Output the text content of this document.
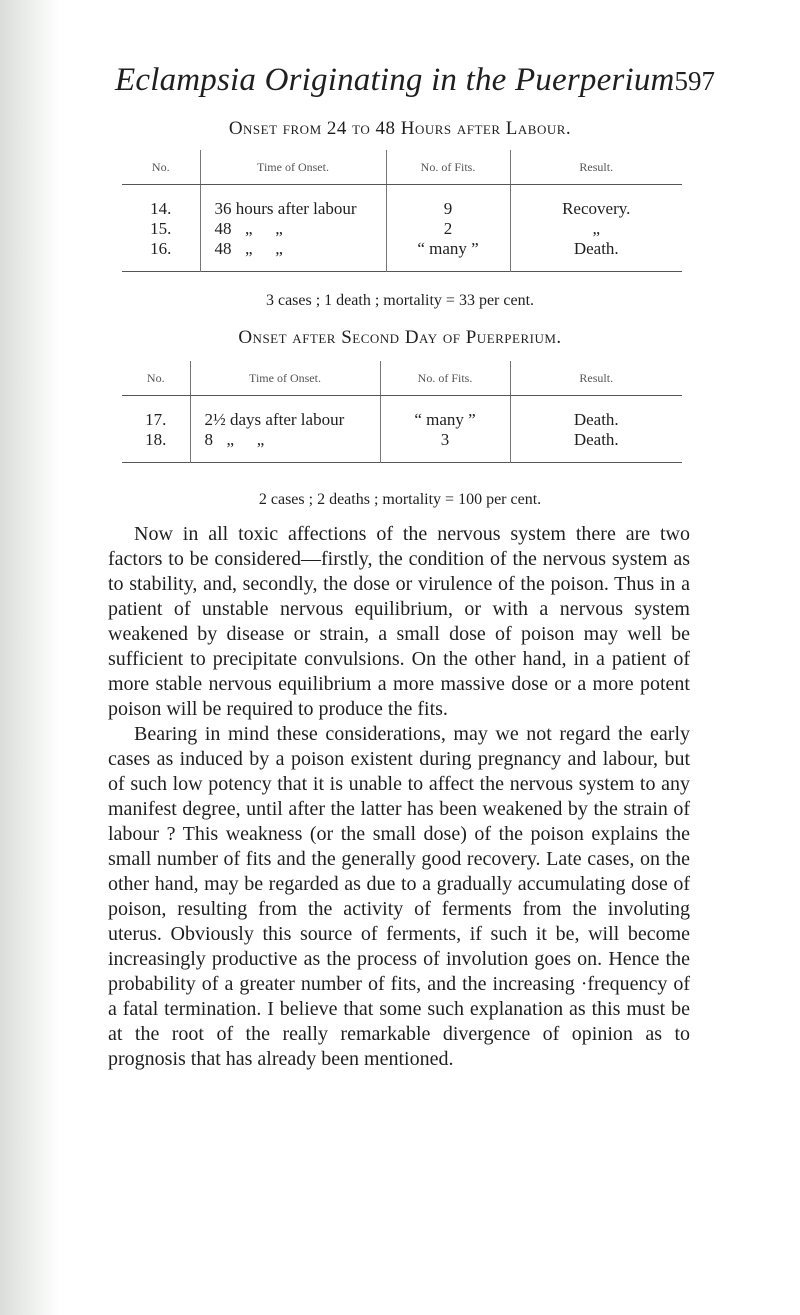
Eclampsia Originating in the Puerperium 597
Onset from 24 to 48 Hours after Labour.
No.	Time of Onset.	No. of Fits.	Result.
14.	36 hours after labour	9	Recovery.
15.	48 „ „	2	„
16.	48 „ „	“ many ”	Death.
3 cases ; 1 death ; mortality = 33 per cent.
Onset after Second Day of Puerperium.
No.	Time of Onset.	No. of Fits.	Result.
17.	2½ days after labour	“ many ”	Death.
18.	8 „ „	3	Death.
2 cases ; 2 deaths ; mortality = 100 per cent.

Now in all toxic affections of the nervous system there are two factors to be considered—firstly, the condition of the nervous system as to stability, and, secondly, the dose or virulence of the poison. Thus in a patient of unstable nervous equilibrium, or with a nervous system weakened by disease or strain, a small dose of poison may well be sufficient to precipitate convulsions. On the other hand, in a patient of more stable nervous equilibrium a more massive dose or a more potent poison will be required to produce the fits.

Bearing in mind these considerations, may we not regard the early cases as induced by a poison existent during pregnancy and labour, but of such low potency that it is unable to affect the nervous system to any manifest degree, until after the latter has been weakened by the strain of labour ? This weakness (or the small dose) of the poison explains the small number of fits and the generally good recovery. Late cases, on the other hand, may be regarded as due to a gradually accumulating dose of poison, resulting from the activity of ferments from the involuting uterus. Obviously this source of ferments, if such it be, will become increasingly productive as the process of involution goes on. Hence the probability of a greater number of fits, and the increasing ·frequency of a fatal termination. I believe that some such explanation as this must be at the root of the really remarkable divergence of opinion as to prognosis that has already been mentioned.
